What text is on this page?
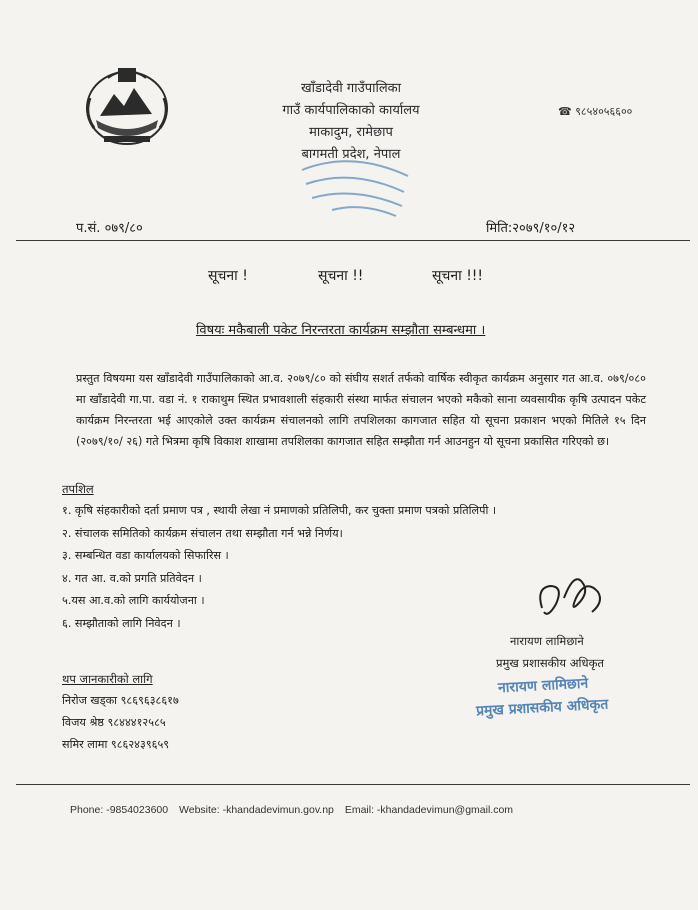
खाँडादेवी गाउँपालिका
गाउँ कार्यपालिकाको कार्यालय
माकादुम, रामेछाप
बागमती प्रदेश, नेपाल
☎ ९८५४०५६६००
प.सं. ०७९/८०	मिति:२०७९/१०/१२
सूचना !	सूचना !!	सूचना !!!
विषयः मकैबाली पकेट निरन्तरता कार्यक्रम सम्झौता सम्बन्धमा ।
प्रस्तुत विषयमा यस खाँडादेवी गाउँपालिकाको आ.व. २०७९/८० को संघीय सशर्त तर्फको वार्षिक स्वीकृत कार्यक्रम अनुसार गत आ.व. ०७९/०८० मा खाँडादेवी गा.पा. वडा नं. १ राकाथुम स्थित प्रभावशाली संहकारी संस्था मार्फत संचालन भएको मकैको साना व्यवसायीक कृषि उत्पादन पकेट कार्यक्रम निरन्तरता भई आएकोले उक्त कार्यक्रम संचालनको लागि तपशिलका कागजात सहित यो सूचना प्रकाशन भएको मितिले १५ दिन (२०७९/१०/ २६) गते भित्रमा कृषि विकाश शाखामा तपशिलका कागजात सहित सम्झौता गर्न आउनहुन यो सूचना प्रकासित गरिएको छ।
तपशिल
१. कृषि संहकारीको दर्ता प्रमाण पत्र , स्थायी लेखा नं प्रमाणको प्रतिलिपी, कर चुक्ता प्रमाण पत्रको प्रतिलिपी ।
२. संचालक समितिको कार्यक्रम संचालन तथा सम्झौता गर्न भन्ने निर्णय।
३. सम्बन्धित वडा कार्यालयको सिफारिस ।
४. गत आ. व.को प्रगति प्रतिवेदन ।
५.यस आ.व.को लागि कार्ययोजना ।
६. सम्झौताको लागि निवेदन ।
नारायण लामिछाने
प्रमुख प्रशासकीय अधिकृत
नारायण लामिछाने
प्रमुख प्रशासकीय अधिकृत
थप जानकारीको लागि
निरोज खड्का ९८६९६३८६१७
विजय श्रेष्ठ ९८४४४१२५८५
समिर लामा ९८६२४३९६५९
Phone: -9854023600 Website: -khandadevimun.gov.np Email: -khandadevimun@gmail.com
